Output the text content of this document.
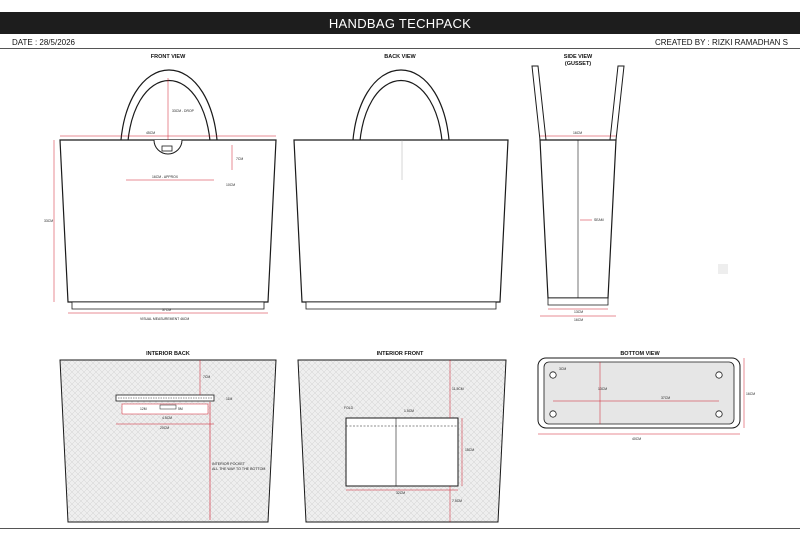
HANDBAG TECHPACK
DATE : 28/5/2026	CREATED BY : RIZKI RAMADHAN S
FRONT VIEW
45CM
33CM - DROP
7CM
16CM - APPROX
10CM
33CM
37CM
VISUAL MEASUREMENT 46CM
BACK VIEW	SIDE VIEW
(GUSSET)
16CM
SEAM
13CM
16CM
INTERIOR BACK
7CM
12M	5M
11M
4.5CM
20CM
INTERIOR POCKET
ALL THE WAY TO THE BOTTOM
INTERIOR FRONT
11.5CM
FOLD
1.5CM
15CM
32CM
7.5CM
BOTTOM VIEW
3CM
13CM
37CM
16CM
40CM
